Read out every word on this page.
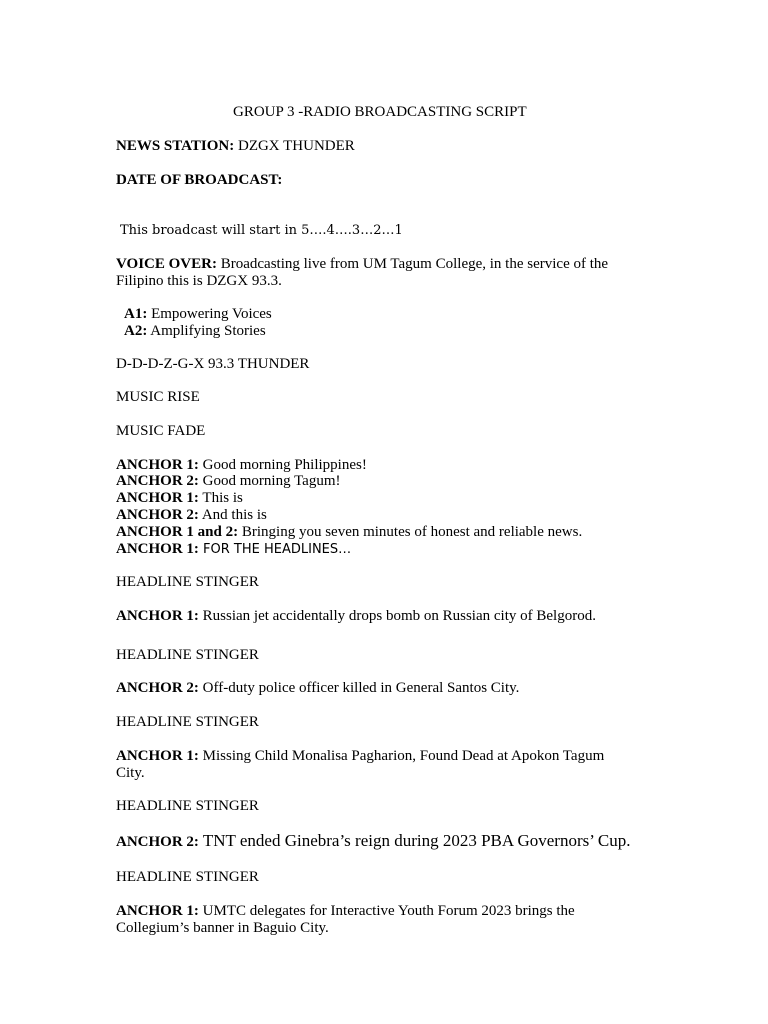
GROUP 3 -RADIO BROADCASTING SCRIPT
NEWS STATION: DZGX THUNDER
DATE OF BROADCAST:
This broadcast will start in 5….4….3…2…1
VOICE OVER: Broadcasting live from UM Tagum College, in the service of the
Filipino this is DZGX 93.3.
A1: Empowering Voices
A2: Amplifying Stories
D-D-D-Z-G-X 93.3 THUNDER
MUSIC RISE
MUSIC FADE
ANCHOR 1: Good morning Philippines!
ANCHOR 2: Good morning Tagum!
ANCHOR 1: This is
ANCHOR 2: And this is
ANCHOR 1 and 2: Bringing you seven minutes of honest and reliable news.
ANCHOR 1: FOR THE HEADLINES…
HEADLINE STINGER
ANCHOR 1: Russian jet accidentally drops bomb on Russian city of Belgorod.
HEADLINE STINGER
ANCHOR 2: Off-duty police officer killed in General Santos City.
HEADLINE STINGER
ANCHOR 1: Missing Child Monalisa Pagharion, Found Dead at Apokon Tagum
City.
HEADLINE STINGER
ANCHOR 2: TNT ended Ginebra’s reign during 2023 PBA Governors’ Cup.
HEADLINE STINGER
ANCHOR 1: UMTC delegates for Interactive Youth Forum 2023 brings the
Collegium’s banner in Baguio City.
